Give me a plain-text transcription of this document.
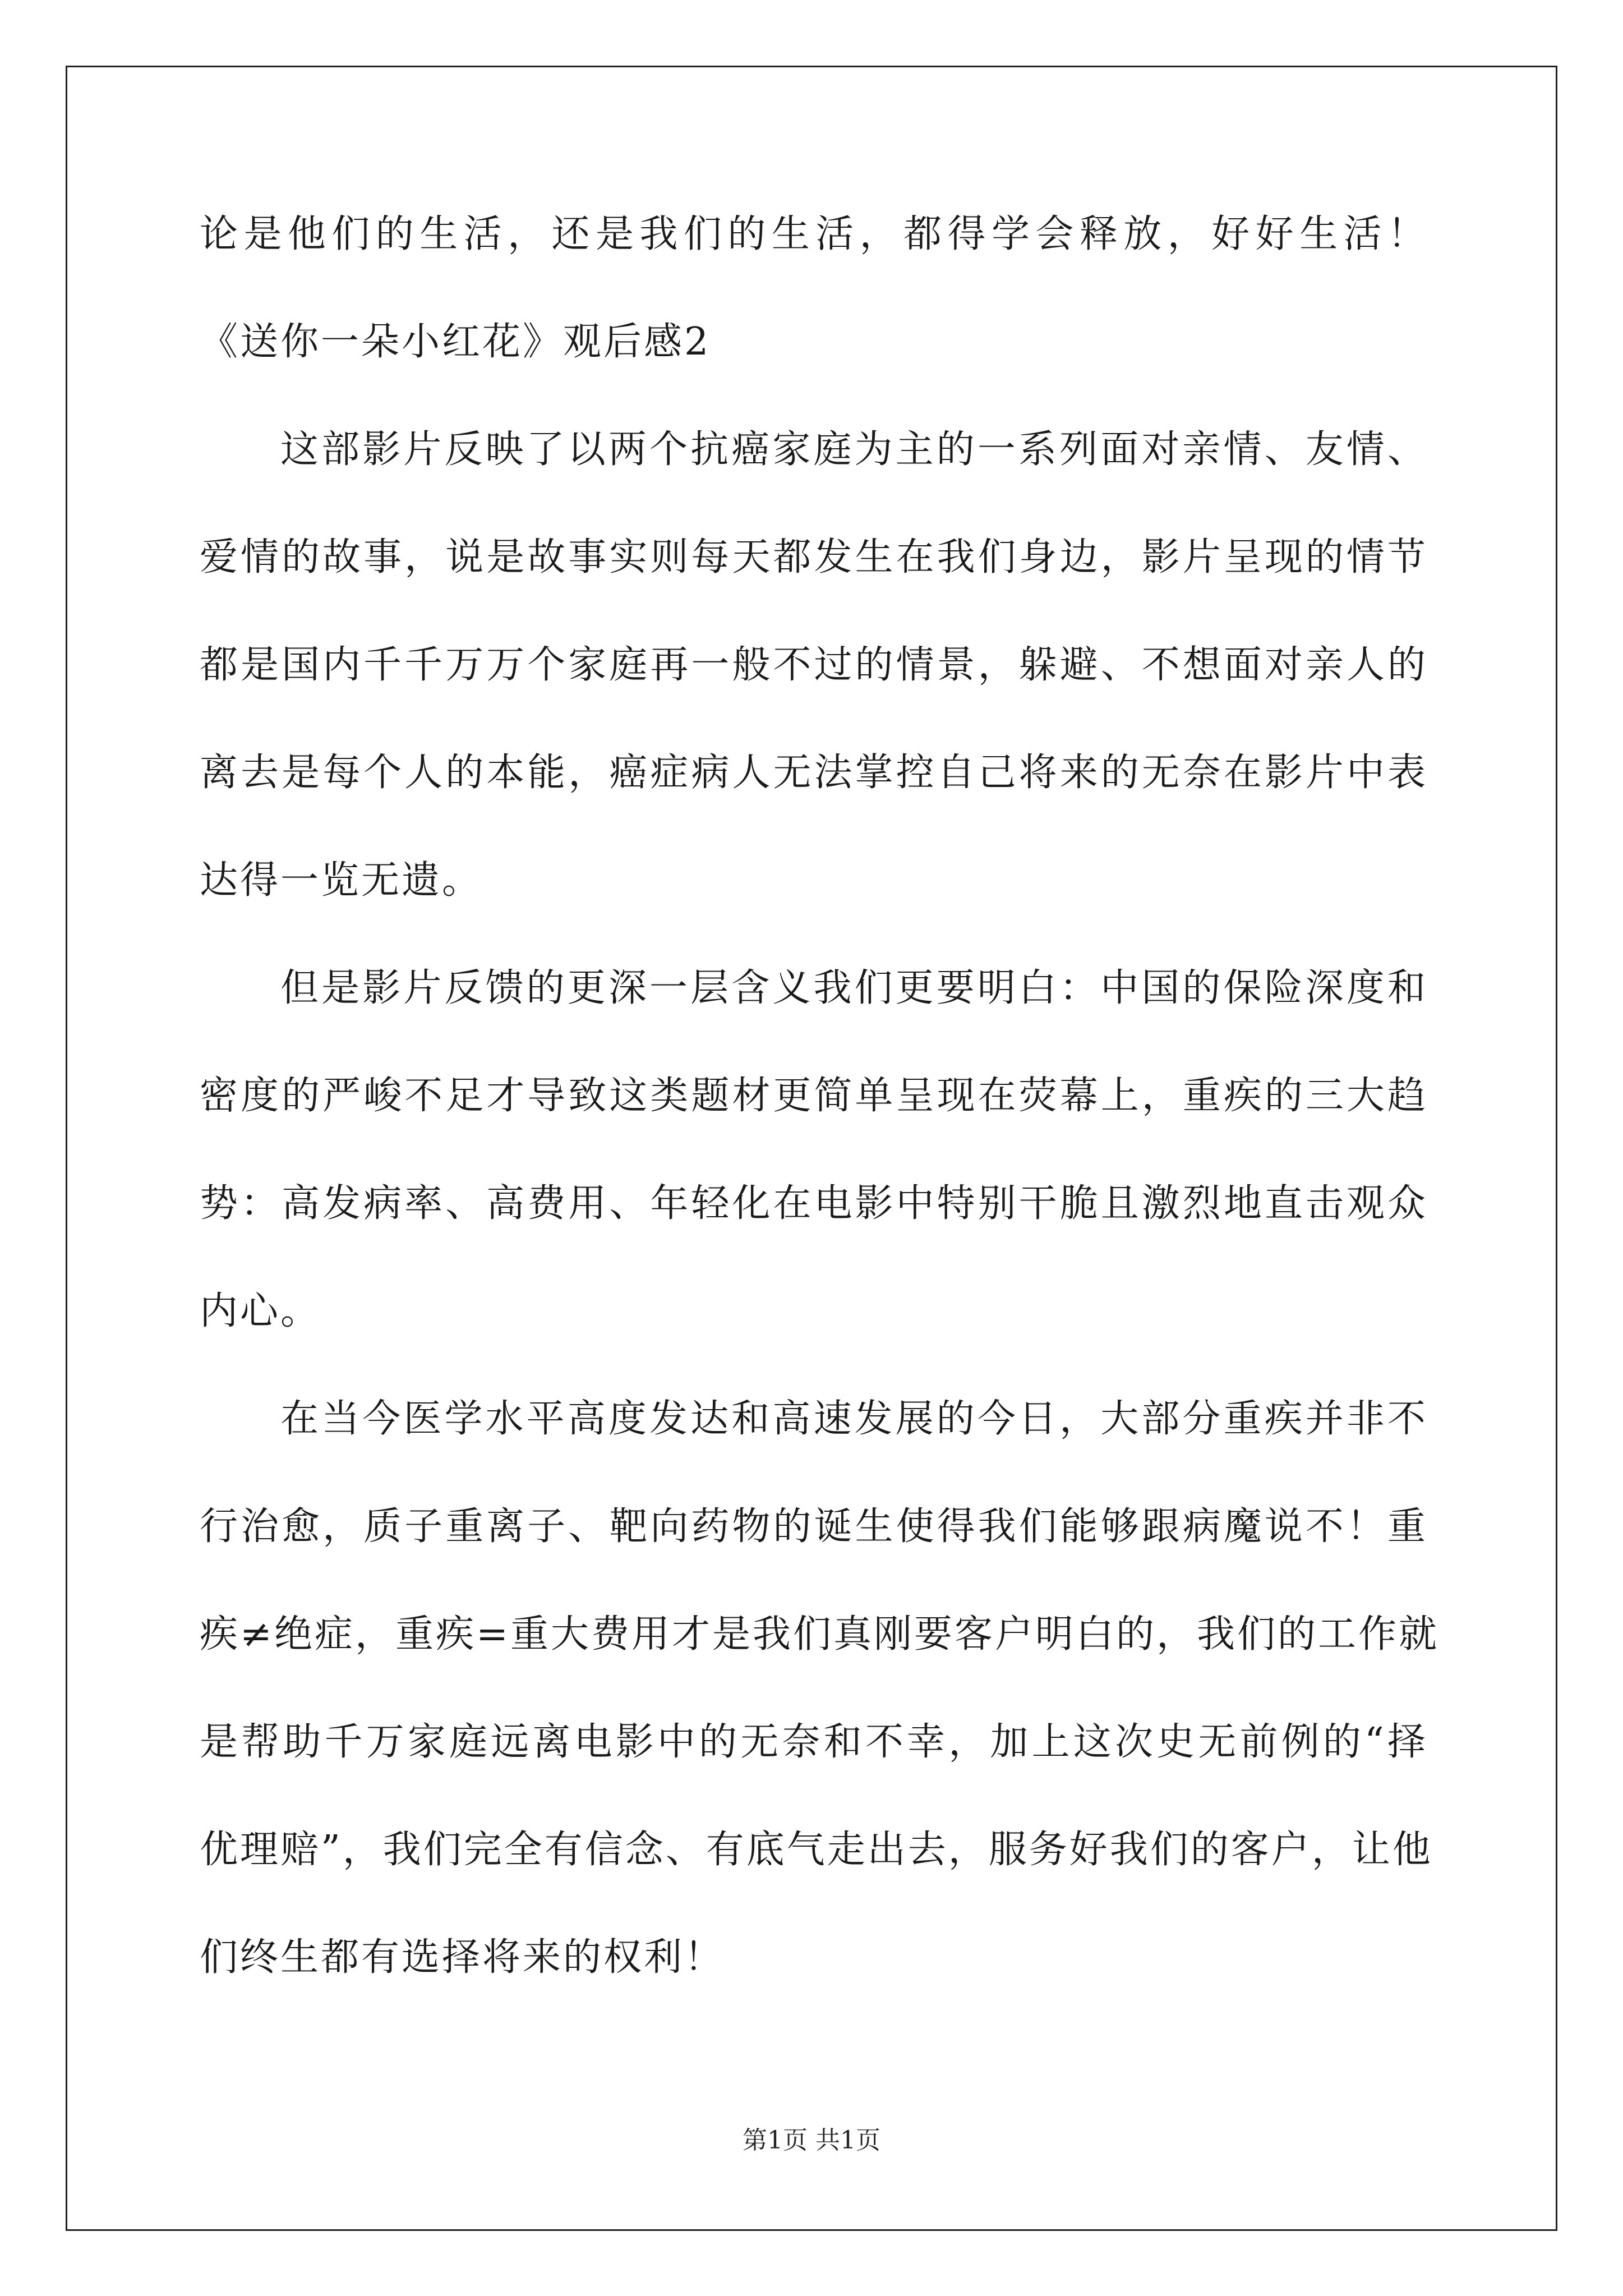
论是他们的生活，还是我们的生活，都得学会释放，好好生活！
《送你一朵小红花》观后感2
这部影片反映了以两个抗癌家庭为主的一系列面对亲情、友情、
爱情的故事，说是故事实则每天都发生在我们身边，影片呈现的情节
都是国内千千万万个家庭再一般不过的情景，躲避、不想面对亲人的
离去是每个人的本能，癌症病人无法掌控自己将来的无奈在影片中表
达得一览无遗。
但是影片反馈的更深一层含义我们更要明白：中国的保险深度和
密度的严峻不足才导致这类题材更简单呈现在荧幕上，重疾的三大趋
势：高发病率、高费用、年轻化在电影中特别干脆且激烈地直击观众
内心。
在当今医学水平高度发达和高速发展的今日，大部分重疾并非不
行治愈，质子重离子、靶向药物的诞生使得我们能够跟病魔说不！重
疾≠绝症，重疾=重大费用才是我们真刚要客户明白的，我们的工作就
是帮助千万家庭远离电影中的无奈和不幸，加上这次史无前例的“择
优理赔”，我们完全有信念、有底气走出去，服务好我们的客户，让他
们终生都有选择将来的权利！
第1页 共1页
